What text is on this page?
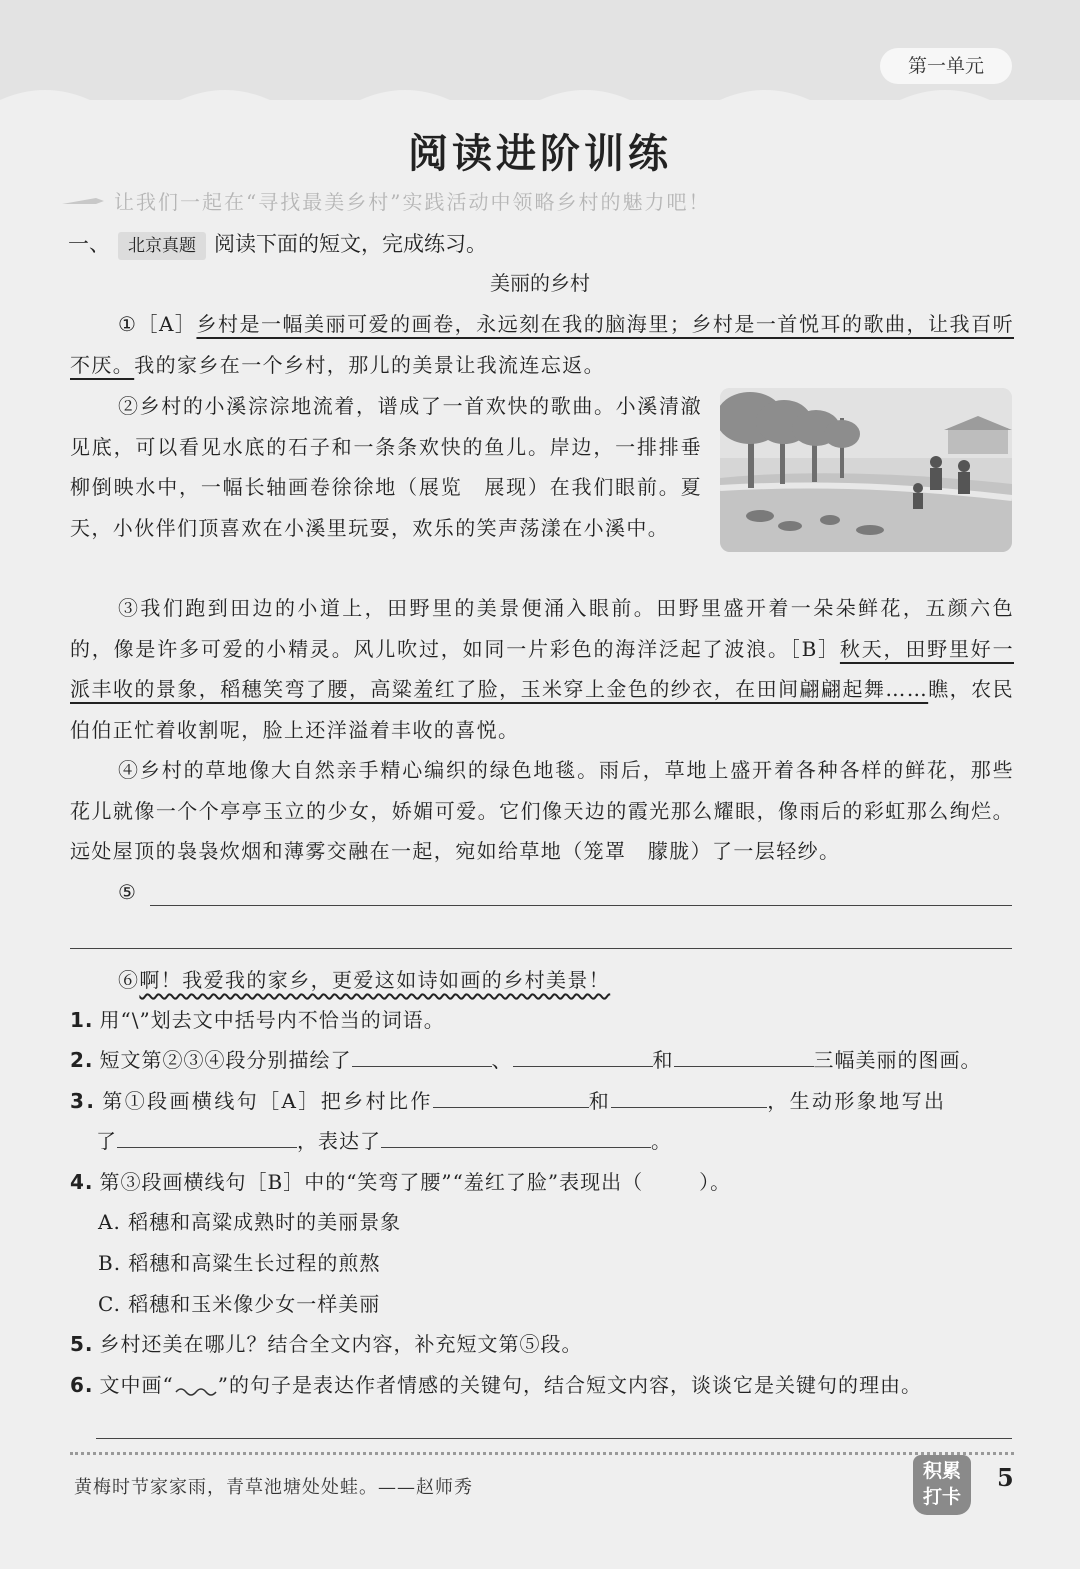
第一单元
阅读进阶训练
让我们一起在“寻找最美乡村”实践活动中领略乡村的魅力吧！
一、 北京真题 阅读下面的短文，完成练习。
美丽的乡村
①［A］乡村是一幅美丽可爱的画卷，永远刻在我的脑海里；乡村是一首悦耳的歌曲，让我百听不厌。我的家乡在一个乡村，那儿的美景让我流连忘返。
②乡村的小溪淙淙地流着，谱成了一首欢快的歌曲。小溪清澈见底，可以看见水底的石子和一条条欢快的鱼儿。岸边，一排排垂柳倒映水中，一幅长轴画卷徐徐地（展览　展现）在我们眼前。夏天，小伙伴们顶喜欢在小溪里玩耍，欢乐的笑声荡漾在小溪中。
③我们跑到田边的小道上，田野里的美景便涌入眼前。田野里盛开着一朵朵鲜花，五颜六色的，像是许多可爱的小精灵。风儿吹过，如同一片彩色的海洋泛起了波浪。［B］秋天，田野里好一派丰收的景象，稻穗笑弯了腰，高粱羞红了脸，玉米穿上金色的纱衣，在田间翩翩起舞……瞧，农民伯伯正忙着收割呢，脸上还洋溢着丰收的喜悦。
④乡村的草地像大自然亲手精心编织的绿色地毯。雨后，草地上盛开着各种各样的鲜花，那些花儿就像一个个亭亭玉立的少女，娇媚可爱。它们像天边的霞光那么耀眼，像雨后的彩虹那么绚烂。远处屋顶的袅袅炊烟和薄雾交融在一起，宛如给草地（笼罩　朦胧）了一层轻纱。
⑤
⑥啊！我爱我的家乡，更爱这如诗如画的乡村美景！
1. 用“\”划去文中括号内不恰当的词语。
2. 短文第②③④段分别描绘了	、	和	三幅美丽的图画。
3. 第①段画横线句［A］把乡村比作	和	，生动形象地写出
了	，表达了	。
4. 第③段画横线句［B］中的“笑弯了腰”“羞红了脸”表现出（	）。
A. 稻穗和高粱成熟时的美丽景象
B. 稻穗和高粱生长过程的煎熬
C. 稻穗和玉米像少女一样美丽
5. 乡村还美在哪儿？结合全文内容，补充短文第⑤段。
6. 文中画“ ”的句子是表达作者情感的关键句，结合短文内容，谈谈它是关键句的理由。
黄梅时节家家雨，青草池塘处处蛙。——赵师秀
积累
打卡
5
